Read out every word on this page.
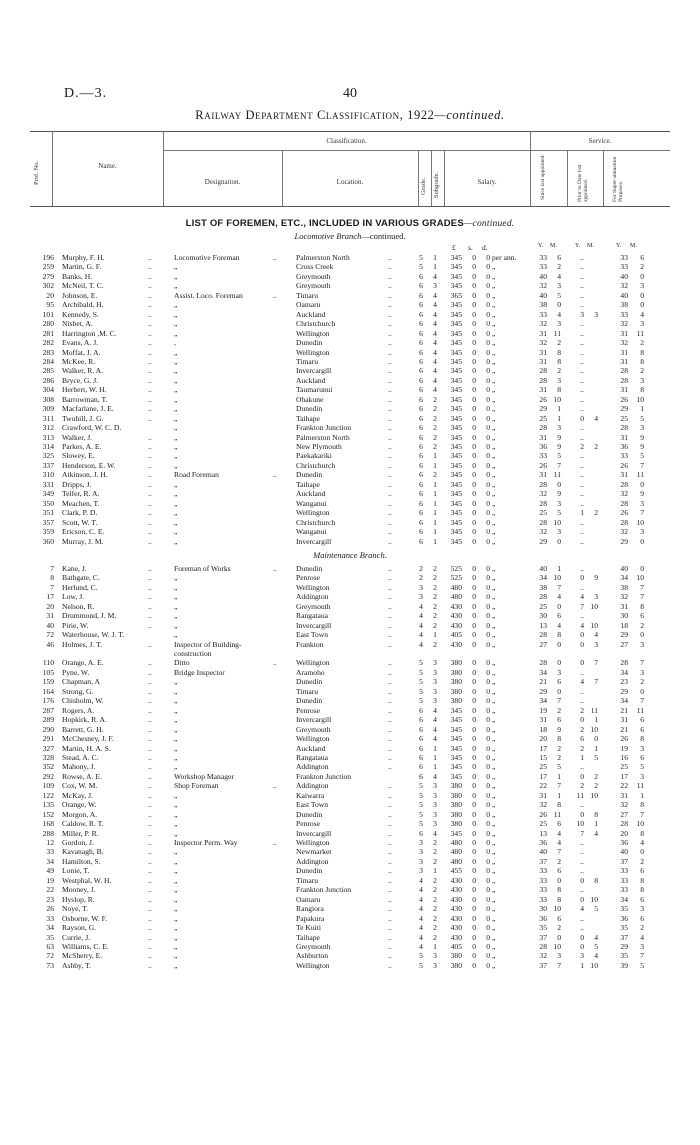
D.—3.	40
Railway Department Classification, 1922—continued.
Prof. No.	Name.
Classification.	Service.
Designation.	Location.	Grade. Subgrade.	Salary.	Since last appointed.	Prior to Date last appointed.	For Super-annuation Purposes.
LIST OF FOREMEN, ETC., INCLUDED IN VARIOUS GRADES—continued.
Locomotive Branch—continued.
£ s. d.	Y. M.	Y. M.	Y. M.
196 Murphy, F. H.	..	Locomotive Foreman	..	Palmerston North	..	5	1	345	0	0 per ann.	33	6	..	33	6
259 Martin, G. F.	..	„	Cross Creek	..	5	1	345	0	0 „	33	2	..	33	2
279 Banks, H.	..	„	Greymouth	..	6	4	345	0	0 „	40	4	..	40	0
302 McNeil, T. C.	..	„	Greymouth	..	6	3	345	0	0 „	32	3	..	32	3
20 Johnson, E.	..	Assist. Loco. Foreman	..	Timaru	..	6	4	365	0	0 „	40	5	..	40	0
95 Archibald, H.	..	„	Oamaru	..	6	4	345	0	0 „	38	0	..	38	0
101 Kennedy, S.	..	„	Auckland	..	6	4	345	0	0 „	33	4	3	3	33	4
280 Nisbet, A.	..	„	Christchurch	..	6	4	345	0	0 „	32	3	..	32	3
281 Harrington ,M. C.	..	„	Wellington	..	6	4	345	0	0 „	31 11	..	31	11
282 Evans, A. J.	..	,	Dunedin	..	6	4	345	0	0 „	32	2	..	32	2
283 Moffat, J. A.	..	„	Wellington	..	6	4	345	0	0 „	31	8	..	31	8
284 McKee, R.	..	„	Timaru	..	6	4	345	0	0 „	31	8	..	31	8
285 Walker, R. A.	..	„	Invercargill	..	6	4	345	0	0 „	28	2	..	28	2
286 Bryce, G. J.	..	„	Auckland	..	6	4	345	0	0 „	28	3	..	28	3
304 Herbert, W. H.	..	„	Taumarunui	..	6	4	345	0	0 „	31	8	..	31	8
308 Barrowman, T.	..	„	Ohakune	..	6	2	345	0	0 „	26 10	..	26	10
309 Macfarlane, J. E.	..	„	Dunedin	..	6	2	345	0	0 „	29	1	..	29	1
311 Twohill, J. G.	..	„	Taihape	..	6	2	345	0	0 „	25	1	0	4	25	5
312 Crawford, W. C. D.	„	Frankton Junction	..	6	2	345	0	0 „	28	3	..	28	3
313 Walker, J.	..	„	Palmerston North	..	6	2	345	0	0 „	31	9	..	31	9
314 Parkes, A. E.	..	„	New Plymouth	..	6	2	345	0	0 „	36	9	2	2	36	9
325 Slowey, E.	..	„	Paekakariki	..	6	1	345	0	0 „	33	5	..	33	5
337 Henderson, E. W.	..	„	Christchurch	..	6	1	345	0	0 „	26	7	..	26	7
310 Atkinson, J. H.	..	Road Foreman	..	Dunedin	..	6	2	345	0	0 „	31 11	..	31	11
331 Dripps, J.	..	„	Taihape	..	6	1	345	0	0 „	28	0	..	28	0
349 Telfer, R. A.	..	„	Auckland	..	6	1	345	0	0 „	32	9	..	32	9
350 Meachen, T.	..	„	Wanganui	..	6	1	345	0	0 „	28	3	..	28	3
351 Clark, P. D.	..	„	Wellington	..	6	1	345	0	0 „	25	5	1	2	26	7
357 Scott, W. T.	..	„	Christchurch	..	6	1	345	0	0 „	28 10	..	28	10
359 Ericson, C. E.	..	„	Wanganui	..	6	1	345	0	0 „	32	3	..	32	3
360 Murray, J. M.	..	„	Invercargill	..	6	1	345	0	0 „	29	0	..	29	0
Maintenance Branch.
7 Kane, J.	..	Foreman of Works	..	Dunedin	..	2	2	525	0	0 „	40	1	..	40	0
8 Bathgate, C.	..	„	Penrose	..	2	2	525	0	0 „	34 10	0	9	34	10
7 Herlund, C.	..	„	Wellington	..	3	2	480	0	0 „	38	7	..	38	7
17 Low, J.	..	„	Addington	..	3	2	480	0	0 „	28	4	4	3	32	7
20 Nelson, R.	..	„	Greymouth	..	4	2	430	0	0 „	25	0	7 10	31	8
31 Drummond, J. M.	..	„	Rangataua	..	4	2	430	0	0 „	30	6	..	30	6
40 Pirie, W.	..	„	Invercargill	..	4	2	430	0	0 „	13	4	4 10	18	2
72 Waterhouse, W. J. T.	„	East Town	..	4	1	405	0	0 „	28	8	0	4	29	0
46 Holmes, J. T.	..	Inspector of Building-	Frankton	..	4	2	430	0	0 „	27	0	0	3	27	3
construction
110 Orange, A. E.	..	Ditto	..	Wellington	..	5	3	380	0	0 „	28	0	0	7	28	7
105 Pyne, W.	..	Bridge Inspector	Aramoho	..	5	3	380	0	0 „	34	3	..	34	3
159 Chapman, A	..	„	Dunedin	..	5	3	380	0	0 „	21	6	4	7	23	2
164 Strong, G.	..	„	Timaru	..	5	3	380	0	0 „	29	0	..	29	0
176 Chisholm, W.	..	„	Dunedin	..	5	3	380	0	0 „	34	7	..	34	7
287 Rogers, A.	..	„	Penrose	..	6	4	345	0	0 „	19	2	2 11	21	11
289 Hopkirk, R. A.	..	„	Invercargill	..	6	4	345	0	0 „	31	6	0	1	31	6
290 Barrett, G. H.	..	„	Greymouth	..	6	4	345	0	0 „	18	9	2 10	21	6
291 McChesney, J. F.	..	„	Wellington	..	6	4	345	0	0 „	20	8	6	0	26	8
327 Martin, H. A. S.	..	„	Auckland	..	6	1	345	0	0 „	17	2	2	1	19	3
328 Stead, A. C.	..	„	Rangataua	..	6	1	345	0	0 „	15	2	1	5	16	6
352 Mahony, J.	..	„	Addington	..	6	1	345	0	0 „	25	5	..	25	5
292 Rowse, A. E.	..	Workshop Manager	Frankton Junction	6	4	345	0	0 „	17	1	0	2	17	3
109 Cox, W. M.	..	Shop Foreman	..	Addington	..	5	3	380	0	0 „	22	7	2	2	22	11
122 McKay, J.	..	„	Kaiwarra	..	5	3	380	0	0 „	31	1	11 10	31	1
135 Orange, W.	..	„	East Town	..	5	3	380	0	0 „	32	8	..	32	8
152 Morgon, A.	..	„	Dunedin	..	5	3	380	0	0 „	26 11	0	8	27	7
168 Caldow, R. T.	..	„	Penrose	..	5	3	380	0	0 „	25	6	10	1	28	10
288 Miller, P. R.	..	„	Invercargill	..	6	4	345	0	0 „	13	4	7	4	20	8
12 Gordon, J.	..	Inspector Perm. Way	..	Wellington	..	3	2	480	0	0 „	36	4	..	36	4
33 Kavanagh, B.	..	„	Newmarket	..	3	2	480	0	0 „	40	7	..	40	0
34 Hamilton, S.	..	„	Addington	..	3	2	480	0	0 „	37	2	..	37	2
49 Lonie, T.	..	„	Dunedin	..	3	1	455	0	0 „	33	6	..	33	6
19 Westphal, W. H.	..	„	Timaru	..	4	2	430	0	0 „	33	0	0	8	33	8
22 Mooney, J.	..	„	Frankton Junction	..	4	2	430	0	0 „	33	8	..	33	8
23 Hyslop, R.	..	„	Oamaru	..	4	2	430	0	0 „	33	8	0 10	34	6
26 Noye, T.	..	„	Rangiora	..	4	2	430	0	0 „	30 10	4	5	35	3
33 Osborne, W. F.	..	„	Papakura	..	4	2	430	0	0 „	36	6	..	36	6
34 Rayson, G.	..	„	Te Kuiti	..	4	2	430	0	0 „	35	2	..	35	2
35 Currie, J.	..	„	Taihape	..	4	2	430	0	0 „	37	0	0	4	37	4
63 Williams, C. E.	..	„	Greymouth	..	4	1	405	0	0 „	28 10	0	5	29	3
72 McSherry, E.	..	„	Ashburton	..	5	3	380	0	0 „	32	3	3	4	35	7
73 Ashby, T.	..	„	Wellington	..	5	3	380	0	0 „	37	7	1 10	39	5
